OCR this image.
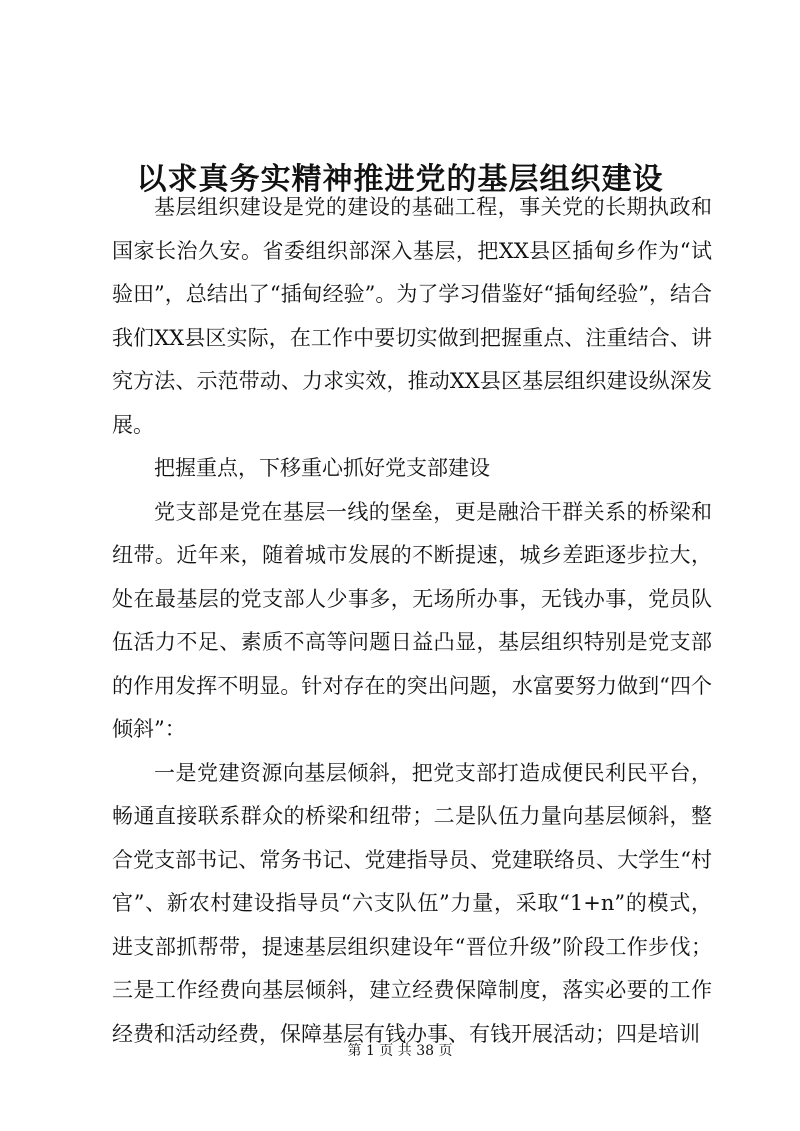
以求真务实精神推进党的基层组织建设

基层组织建设是党的建设的基础工程，事关党的长期执政和国家长治久安。省委组织部深入基层，把XX县区插甸乡作为“试验田”，总结出了“插甸经验”。为了学习借鉴好“插甸经验”，结合我们XX县区实际，在工作中要切实做到把握重点、注重结合、讲究方法、示范带动、力求实效，推动XX县区基层组织建设纵深发展。

把握重点，下移重心抓好党支部建设

党支部是党在基层一线的堡垒，更是融洽干群关系的桥梁和纽带。近年来，随着城市发展的不断提速，城乡差距逐步拉大，处在最基层的党支部人少事多，无场所办事，无钱办事，党员队伍活力不足、素质不高等问题日益凸显，基层组织特别是党支部的作用发挥不明显。针对存在的突出问题，水富要努力做到“四个倾斜”：

一是党建资源向基层倾斜，把党支部打造成便民利民平台，畅通直接联系群众的桥梁和纽带；二是队伍力量向基层倾斜，整合党支部书记、常务书记、党建指导员、党建联络员、大学生“村官”、新农村建设指导员“六支队伍”力量，采取“1+n”的模式，进支部抓帮带，提速基层组织建设年“晋位升级”阶段工作步伐；三是工作经费向基层倾斜，建立经费保障制度，落实必要的工作经费和活动经费，保障基层有钱办事、有钱开展活动；四是培训

第 1 页 共 38 页
